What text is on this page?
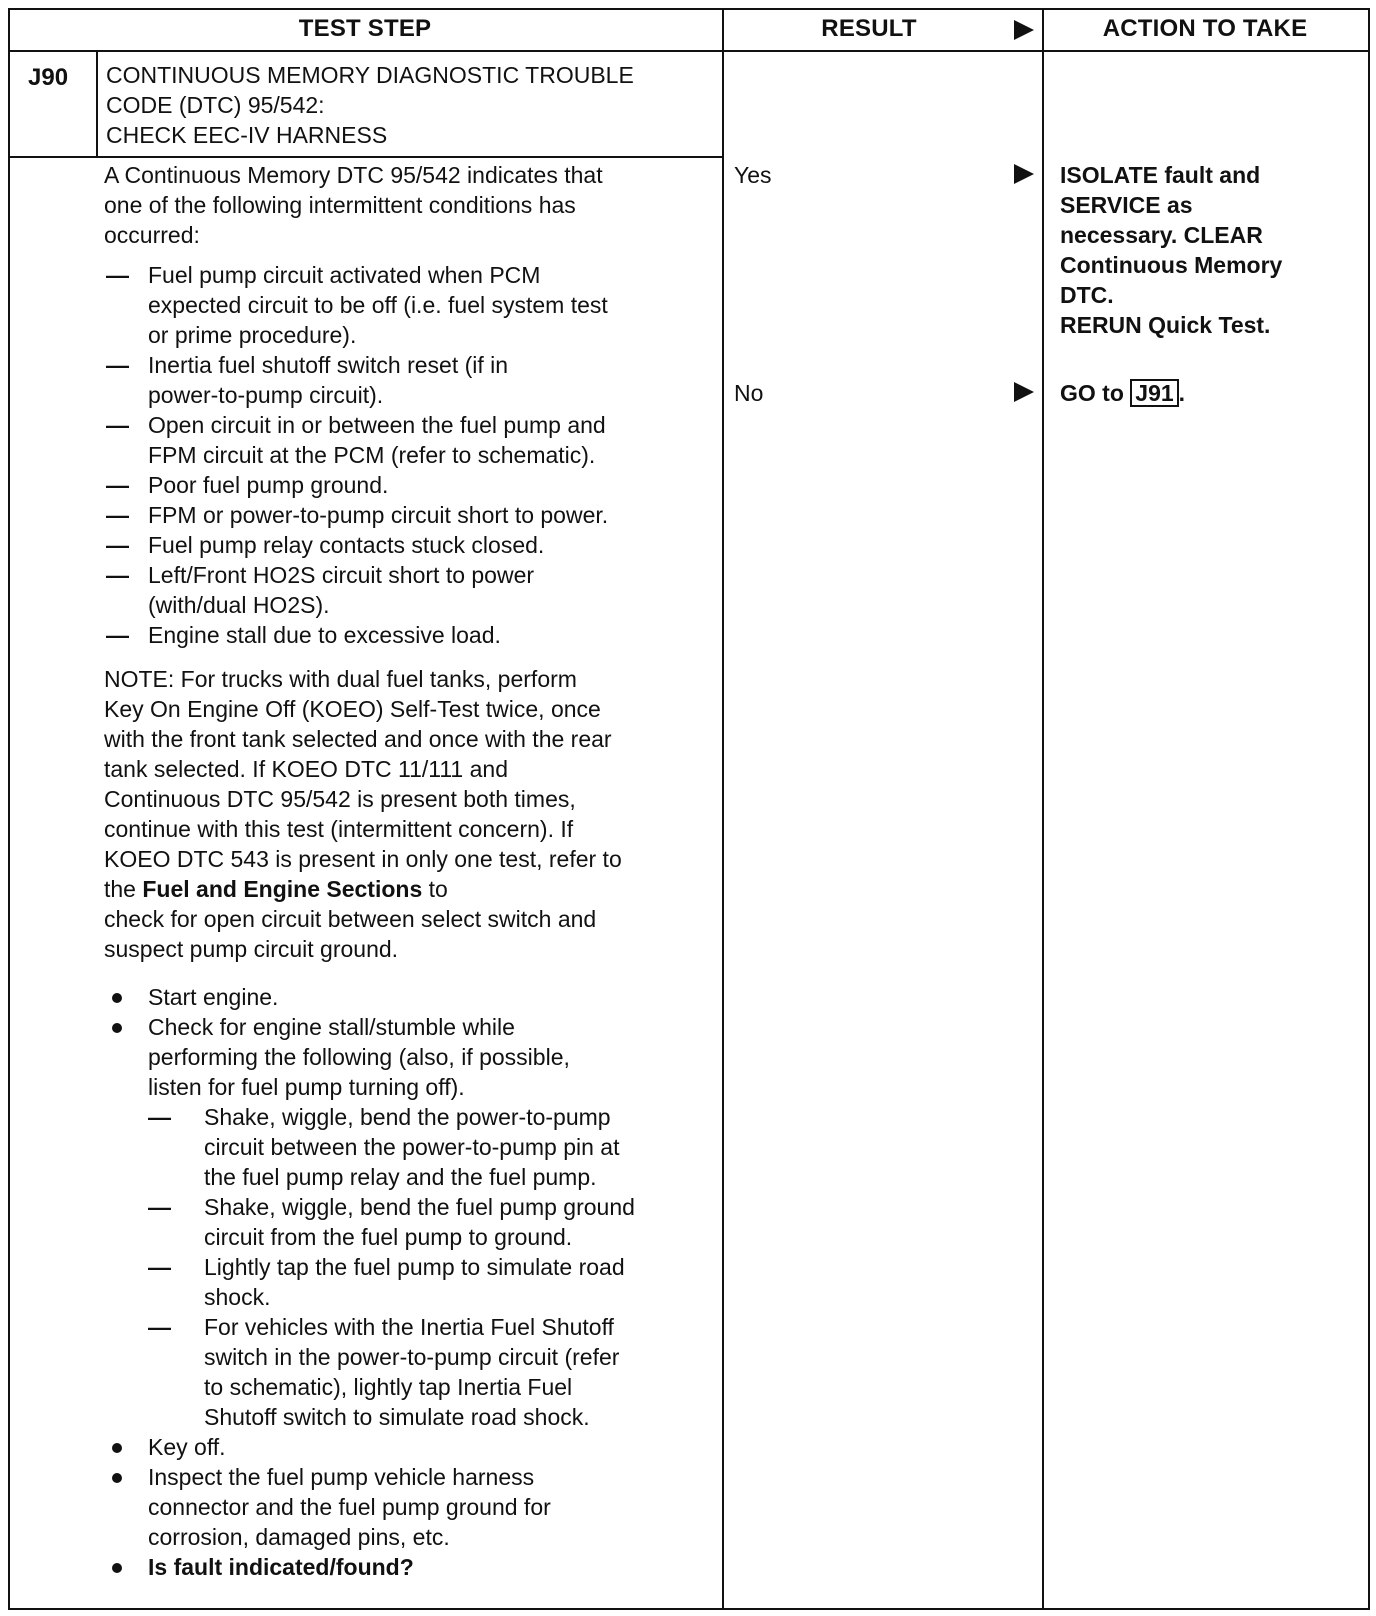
TEST STEP	RESULT	ACTION TO TAKE
J90 CONTINUOUS MEMORY DIAGNOSTIC TROUBLE
CODE (DTC) 95/542:
CHECK EEC-IV HARNESS
A Continuous Memory DTC 95/542 indicates that
one of the following intermittent conditions has
occurred:
— Fuel pump circuit activated when PCM
expected circuit to be off (i.e. fuel system test
or prime procedure).
— Inertia fuel shutoff switch reset (if in
power-to-pump circuit).
— Open circuit in or between the fuel pump and
FPM circuit at the PCM (refer to schematic).
— Poor fuel pump ground.
— FPM or power-to-pump circuit short to power.
— Fuel pump relay contacts stuck closed.
— Left/Front HO2S circuit short to power
(with/dual HO2S).
— Engine stall due to excessive load.
NOTE: For trucks with dual fuel tanks, perform
Key On Engine Off (KOEO) Self-Test twice, once
with the front tank selected and once with the rear
tank selected. If KOEO DTC 11/111 and
Continuous DTC 95/542 is present both times,
continue with this test (intermittent concern). If
KOEO DTC 543 is present in only one test, refer to
the Fuel and Engine Sections to
check for open circuit between select switch and
suspect pump circuit ground.
Start engine.
Check for engine stall/stumble while
performing the following (also, if possible,
listen for fuel pump turning off).
— Shake, wiggle, bend the power-to-pump
circuit between the power-to-pump pin at
the fuel pump relay and the fuel pump.
— Shake, wiggle, bend the fuel pump ground
circuit from the fuel pump to ground.
— Lightly tap the fuel pump to simulate road
shock.
— For vehicles with the Inertia Fuel Shutoff
switch in the power-to-pump circuit (refer
to schematic), lightly tap Inertia Fuel
Shutoff switch to simulate road shock.
Key off.
Inspect the fuel pump vehicle harness
connector and the fuel pump ground for
corrosion, damaged pins, etc.
Is fault indicated/found?
Yes
No
ISOLATE fault and
SERVICE as
necessary. CLEAR
Continuous Memory
DTC.
RERUN Quick Test.
GO to J91 .
